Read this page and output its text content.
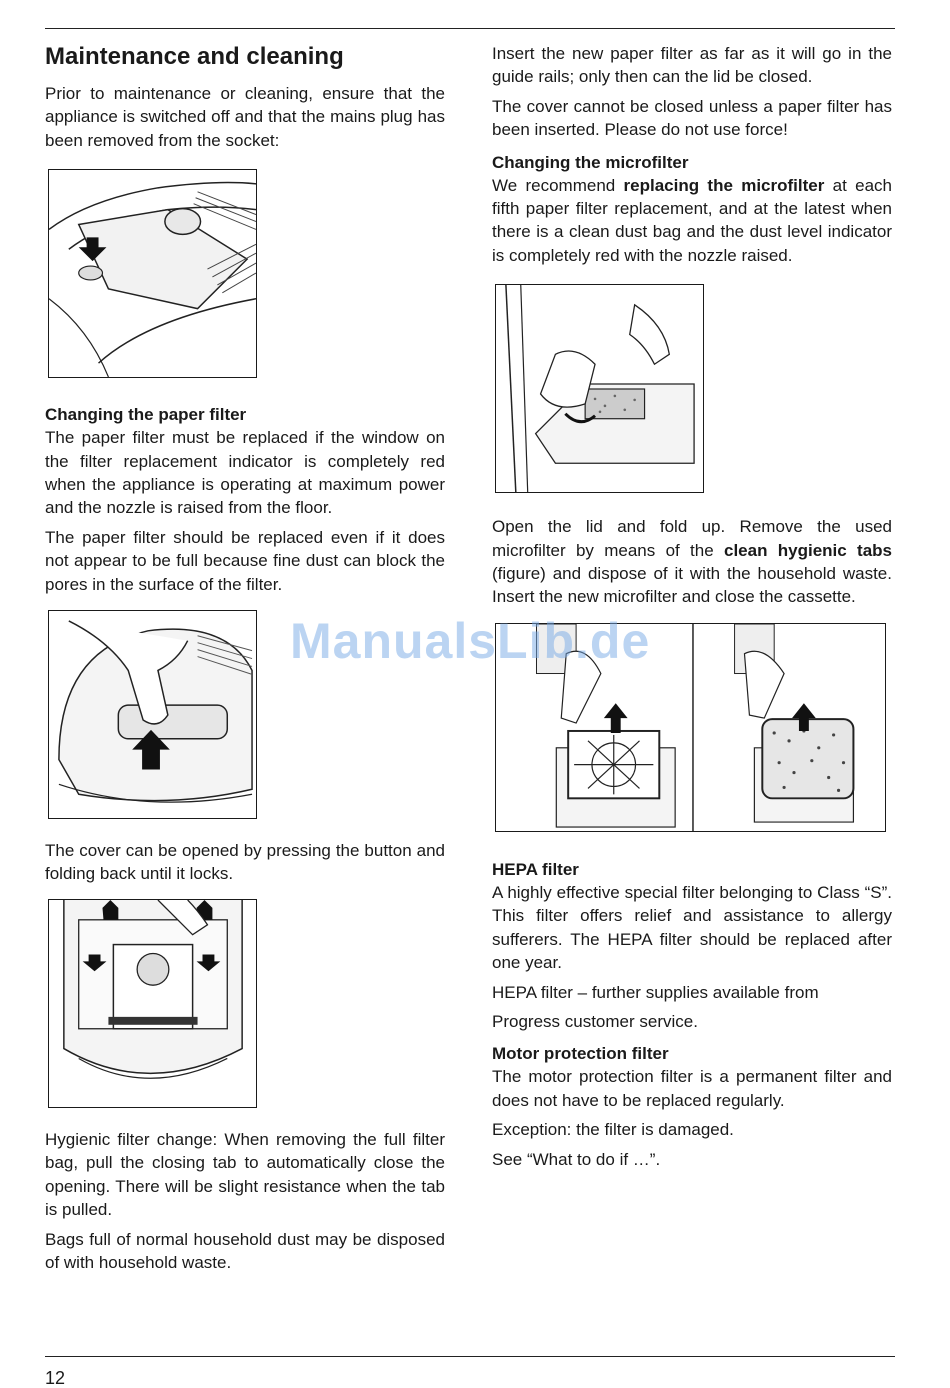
Maintenance and cleaning

Prior to maintenance or cleaning, ensure that the appliance is switched off and that the mains plug has been removed from the socket:

Changing the paper filter

The paper filter must be replaced if the window on the filter replacement indicator is completely red when the appliance is operating at maximum power and the nozzle is raised from the floor.

The paper filter should be replaced even if it does not appear to be full because fine dust can block the pores in the surface of the filter.

The cover can be opened by pressing the button and folding back until it locks.

Hygienic filter change: When removing the full filter bag, pull the closing tab to automatically close the opening. There will be slight resistance when the tab is pulled.

Bags full of normal household dust may be disposed of with household waste.

Insert the new paper filter as far as it will go in the guide rails; only then can the lid be closed.

The cover cannot be closed unless a paper filter has been inserted. Please do not use force!

Changing the microfilter

We recommend replacing the microfilter at each fifth paper filter replacement, and at the latest when there is a clean dust bag and the dust level indicator is completely red with the nozzle raised.

Open the lid and fold up. Remove the used microfilter by means of the clean hygienic tabs (figure) and dispose of it with the household waste. Insert the new microfilter and close the cassette.

HEPA filter

A highly effective special filter belonging to Class “S”. This filter offers relief and assistance to allergy sufferers. The HEPA filter should be replaced after one year.

HEPA filter – further supplies available from

Progress customer service.

Motor protection filter

The motor protection filter is a permanent filter and does not have to be replaced regularly.

Exception: the filter is damaged.

See “What to do if …”.

ManualsLib.de
12
